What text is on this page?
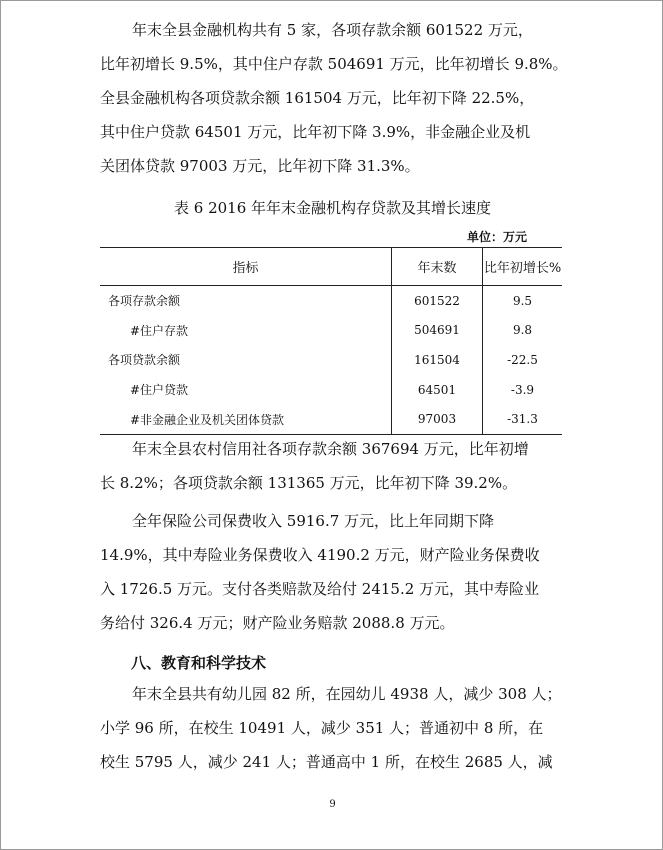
年末全县金融机构共有 5 家，各项存款余额 601522 万元，
比年初增长 9.5%，其中住户存款 504691 万元，比年初增长 9.8%。
全县金融机构各项贷款余额 161504 万元，比年初下降 22.5%，
其中住户贷款 64501 万元，比年初下降 3.9%，非金融企业及机
关团体贷款 97003 万元，比年初下降 31.3%。
表 6 2016 年年末金融机构存贷款及其增长速度
单位：万元
指标	年末数	比年初增长%
各项存款余额	601522	9.5
#住户存款	504691	9.8
各项贷款余额	161504	-22.5
#住户贷款	64501	-3.9
#非金融企业及机关团体贷款	97003	-31.3
年末全县农村信用社各项存款余额 367694 万元，比年初增
长 8.2%；各项贷款余额 131365 万元，比年初下降 39.2%。
全年保险公司保费收入 5916.7 万元，比上年同期下降
14.9%，其中寿险业务保费收入 4190.2 万元，财产险业务保费收
入 1726.5 万元。支付各类赔款及给付 2415.2 万元，其中寿险业
务给付 326.4 万元；财产险业务赔款 2088.8 万元。
八、教育和科学技术
年末全县共有幼儿园 82 所，在园幼儿 4938 人，减少 308 人；
小学 96 所，在校生 10491 人，减少 351 人；普通初中 8 所，在
校生 5795 人，减少 241 人；普通高中 1 所，在校生 2685 人，减
9
